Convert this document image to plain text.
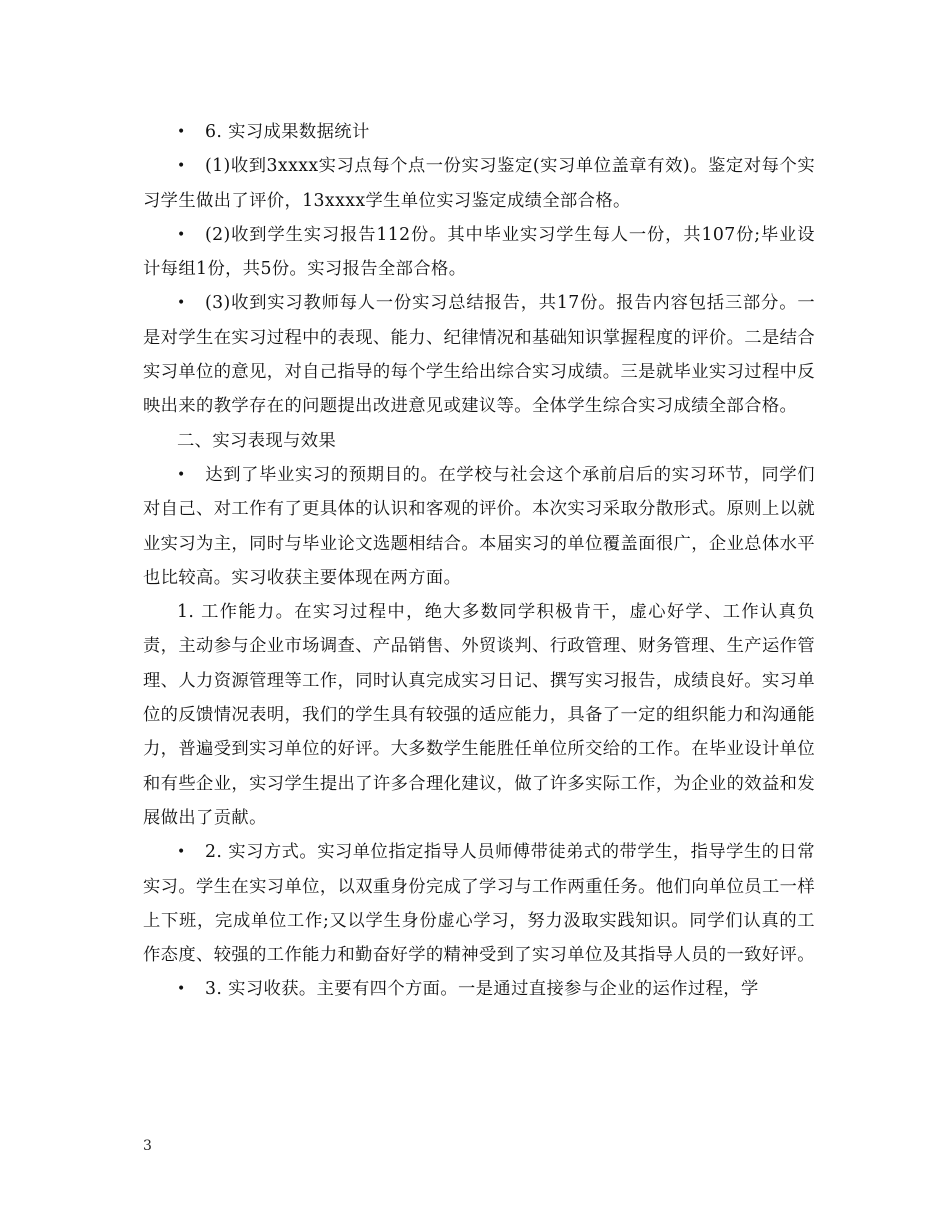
• 6. 实习成果数据统计

• (1)收到3xxxx实习点每个点一份实习鉴定(实习单位盖章有效)。鉴定对每个实习学生做出了评价，13xxxx学生单位实习鉴定成绩全部合格。

• (2)收到学生实习报告112份。其中毕业实习学生每人一份，共107份;毕业设计每组1份，共5份。实习报告全部合格。

• (3)收到实习教师每人一份实习总结报告，共17份。报告内容包括三部分。一是对学生在实习过程中的表现、能力、纪律情况和基础知识掌握程度的评价。二是结合实习单位的意见，对自己指导的每个学生给出综合实习成绩。三是就毕业实习过程中反映出来的教学存在的问题提出改进意见或建议等。全体学生综合实习成绩全部合格。

二、实习表现与效果

• 达到了毕业实习的预期目的。在学校与社会这个承前启后的实习环节，同学们对自己、对工作有了更具体的认识和客观的评价。本次实习采取分散形式。原则上以就业实习为主，同时与毕业论文选题相结合。本届实习的单位覆盖面很广，企业总体水平也比较高。实习收获主要体现在两方面。

1. 工作能力。在实习过程中，绝大多数同学积极肯干，虚心好学、工作认真负责，主动参与企业市场调查、产品销售、外贸谈判、行政管理、财务管理、生产运作管理、人力资源管理等工作，同时认真完成实习日记、撰写实习报告，成绩良好。实习单位的反馈情况表明，我们的学生具有较强的适应能力，具备了一定的组织能力和沟通能力，普遍受到实习单位的好评。大多数学生能胜任单位所交给的工作。在毕业设计单位和有些企业，实习学生提出了许多合理化建议，做了许多实际工作，为企业的效益和发展做出了贡献。

• 2. 实习方式。实习单位指定指导人员师傅带徒弟式的带学生，指导学生的日常实习。学生在实习单位，以双重身份完成了学习与工作两重任务。他们向单位员工一样上下班，完成单位工作;又以学生身份虚心学习，努力汲取实践知识。同学们认真的工作态度、较强的工作能力和勤奋好学的精神受到了实习单位及其指导人员的一致好评。

• 3. 实习收获。主要有四个方面。一是通过直接参与企业的运作过程，学

3
